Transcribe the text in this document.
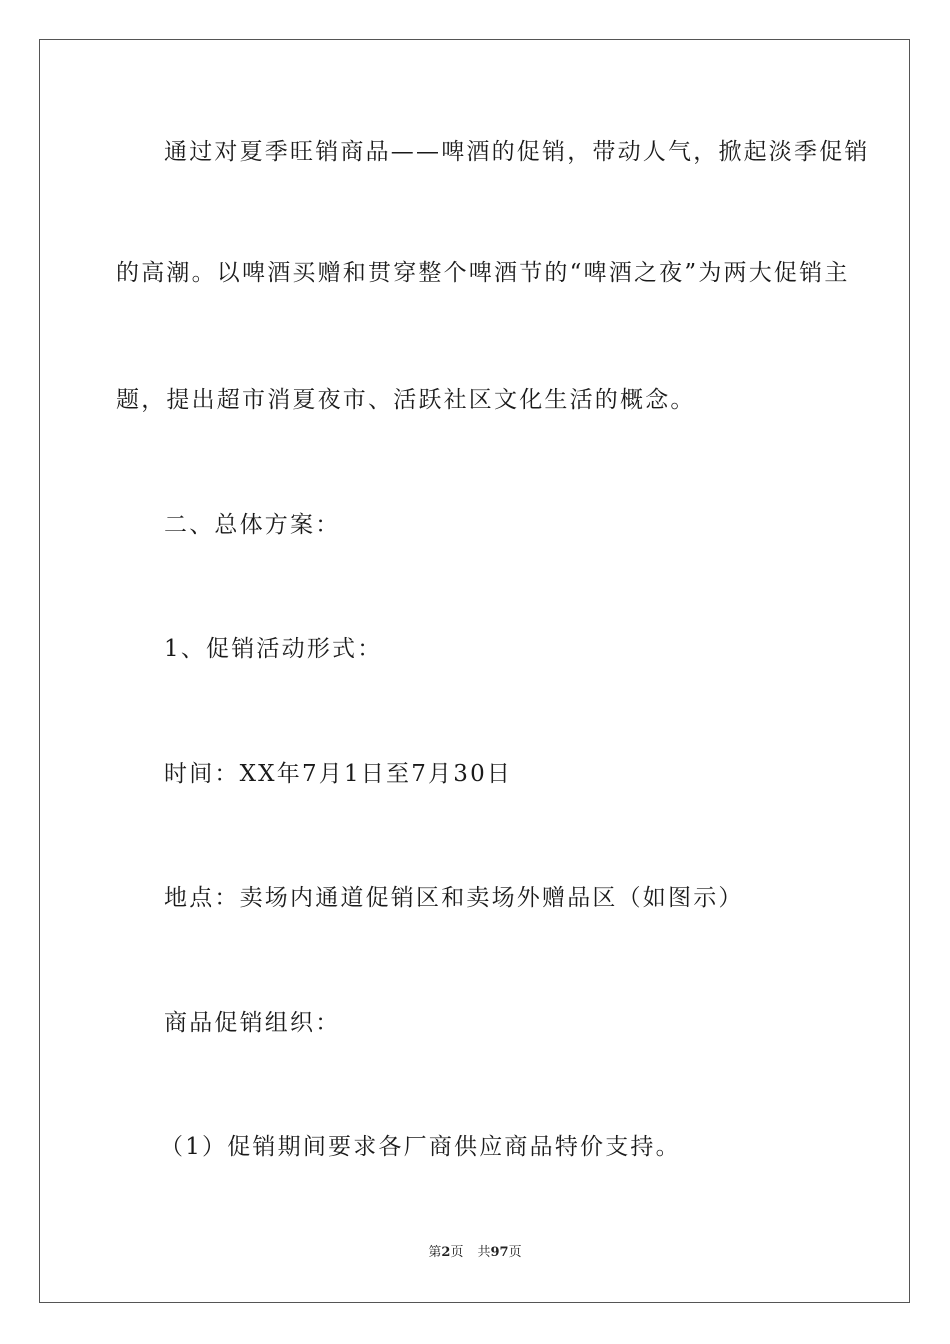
通过对夏季旺销商品——啤酒的促销，带动人气，掀起淡季促销
的高潮。以啤酒买赠和贯穿整个啤酒节的“啤酒之夜”为两大促销主
题，提出超市消夏夜市、活跃社区文化生活的概念。
二、总体方案：
1、促销活动形式：
时间：XX年7月1日至7月30日
地点：卖场内通道促销区和卖场外赠品区（如图示）
商品促销组织：
（1）促销期间要求各厂商供应商品特价支持。
第2页 共97页
